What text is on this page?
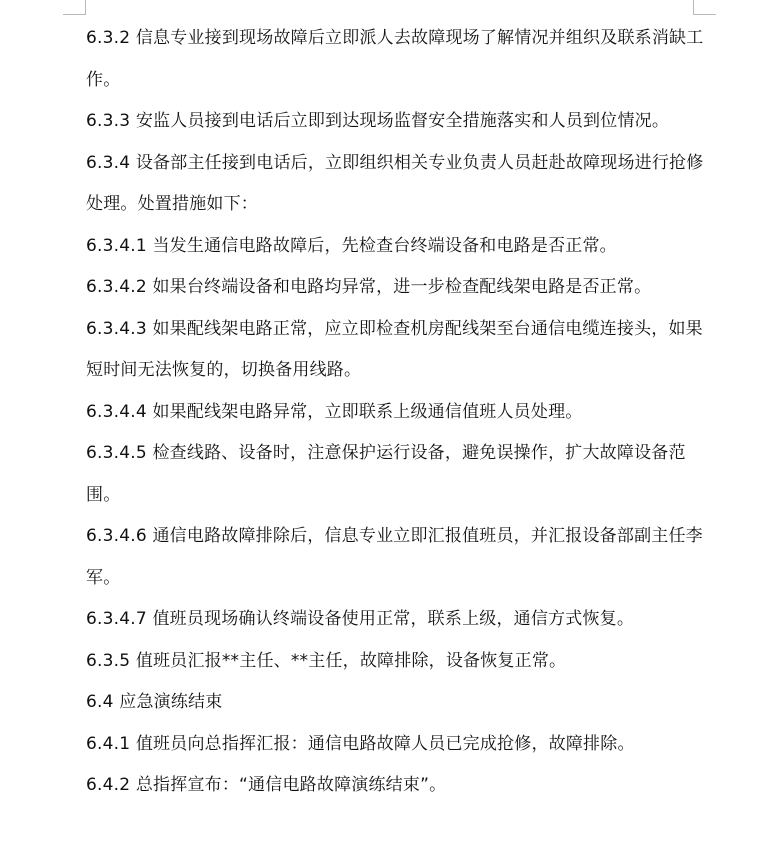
6.3.2 信息专业接到现场故障后立即派人去故障现场了解情况并组织及联系消缺工作。

6.3.3 安监人员接到电话后立即到达现场监督安全措施落实和人员到位情况。

6.3.4 设备部主任接到电话后，立即组织相关专业负责人员赶赴故障现场进行抢修处理。处置措施如下：

6.3.4.1 当发生通信电路故障后，先检查台终端设备和电路是否正常。

6.3.4.2 如果台终端设备和电路均异常，进一步检查配线架电路是否正常。

6.3.4.3 如果配线架电路正常，应立即检查机房配线架至台通信电缆连接头，如果短时间无法恢复的，切换备用线路。

6.3.4.4 如果配线架电路异常，立即联系上级通信值班人员处理。

6.3.4.5 检查线路、设备时，注意保护运行设备，避免误操作，扩大故障设备范围。

6.3.4.6 通信电路故障排除后，信息专业立即汇报值班员，并汇报设备部副主任李军。

6.3.4.7 值班员现场确认终端设备使用正常，联系上级，通信方式恢复。

6.3.5 值班员汇报**主任、**主任，故障排除，设备恢复正常。

6.4 应急演练结束

6.4.1 值班员向总指挥汇报：通信电路故障人员已完成抢修，故障排除。

6.4.2 总指挥宣布：“通信电路故障演练结束”。
